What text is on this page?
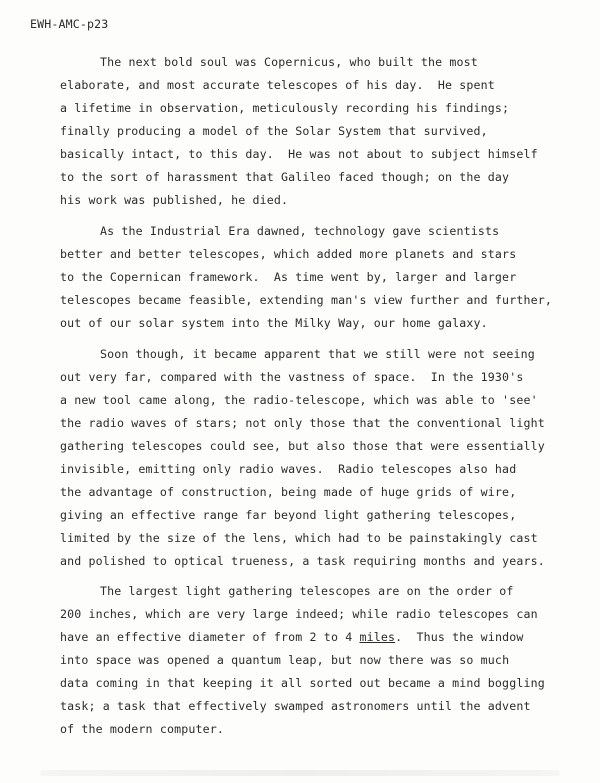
EWH-AMC-p23
The next bold soul was Copernicus, who built the most
elaborate, and most accurate telescopes of his day.  He spent
a lifetime in observation, meticulously recording his findings;
finally producing a model of the Solar System that survived,
basically intact, to this day.  He was not about to subject himself
to the sort of harassment that Galileo faced though; on the day
his work was published, he died.
As the Industrial Era dawned, technology gave scientists
better and better telescopes, which added more planets and stars
to the Copernican framework.  As time went by, larger and larger
telescopes became feasible, extending man's view further and further,
out of our solar system into the Milky Way, our home galaxy.
Soon though, it became apparent that we still were not seeing
out very far, compared with the vastness of space.  In the 1930's
a new tool came along, the radio-telescope, which was able to 'see'
the radio waves of stars; not only those that the conventional light
gathering telescopes could see, but also those that were essentially
invisible, emitting only radio waves.  Radio telescopes also had
the advantage of construction, being made of huge grids of wire,
giving an effective range far beyond light gathering telescopes,
limited by the size of the lens, which had to be painstakingly cast
and polished to optical trueness, a task requiring months and years.
The largest light gathering telescopes are on the order of
200 inches, which are very large indeed; while radio telescopes can
have an effective diameter of from 2 to 4 miles.  Thus the window
into space was opened a quantum leap, but now there was so much
data coming in that keeping it all sorted out became a mind boggling
task; a task that effectively swamped astronomers until the advent
of the modern computer.
